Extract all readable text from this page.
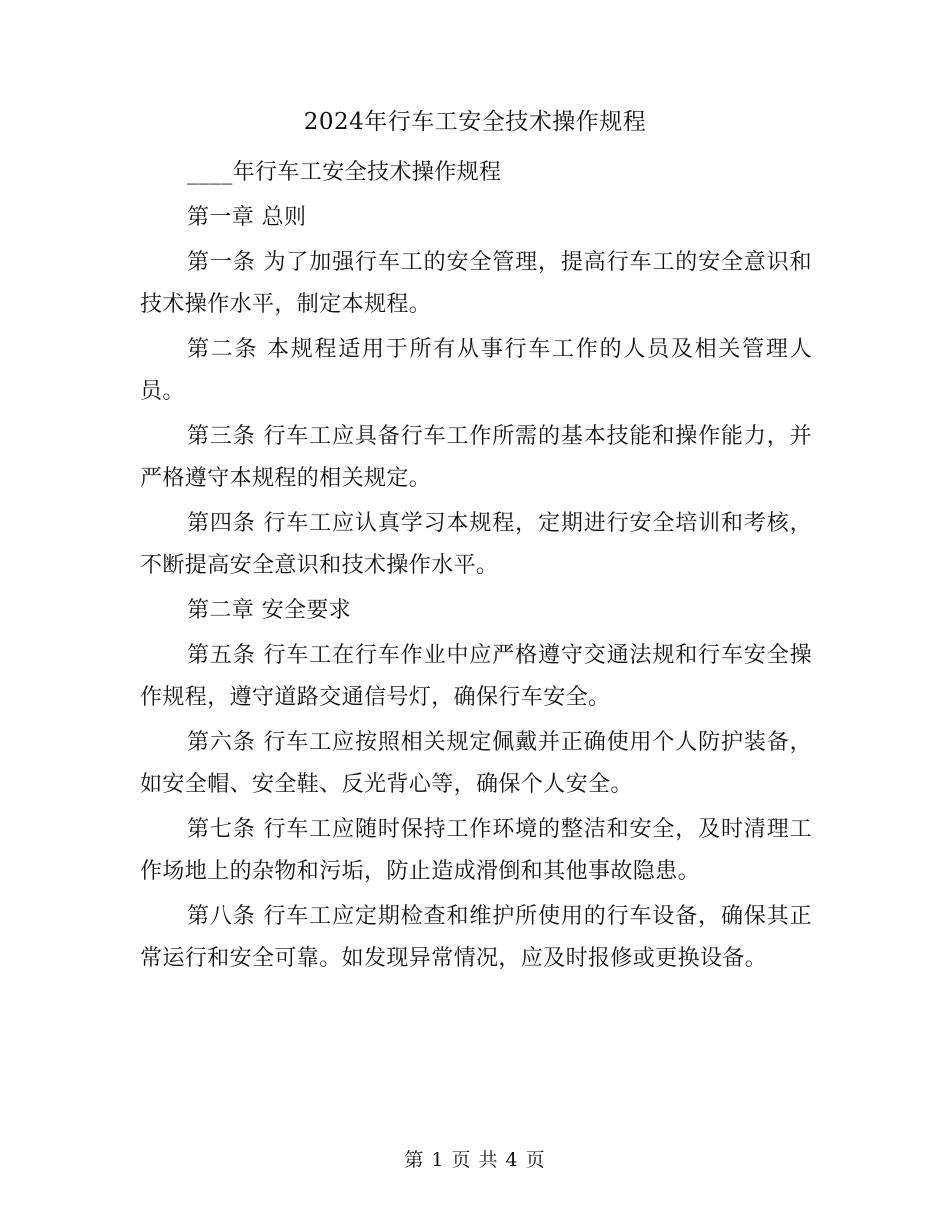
2024年行车工安全技术操作规程

____年行车工安全技术操作规程

第一章 总则

第一条 为了加强行车工的安全管理，提高行车工的安全意识和技术操作水平，制定本规程。

第二条 本规程适用于所有从事行车工作的人员及相关管理人员。

第三条 行车工应具备行车工作所需的基本技能和操作能力，并严格遵守本规程的相关规定。

第四条 行车工应认真学习本规程，定期进行安全培训和考核，不断提高安全意识和技术操作水平。

第二章 安全要求

第五条 行车工在行车作业中应严格遵守交通法规和行车安全操作规程，遵守道路交通信号灯，确保行车安全。

第六条 行车工应按照相关规定佩戴并正确使用个人防护装备，如安全帽、安全鞋、反光背心等，确保个人安全。

第七条 行车工应随时保持工作环境的整洁和安全，及时清理工作场地上的杂物和污垢，防止造成滑倒和其他事故隐患。

第八条 行车工应定期检查和维护所使用的行车设备，确保其正常运行和安全可靠。如发现异常情况，应及时报修或更换设备。

第 1 页 共 4 页
